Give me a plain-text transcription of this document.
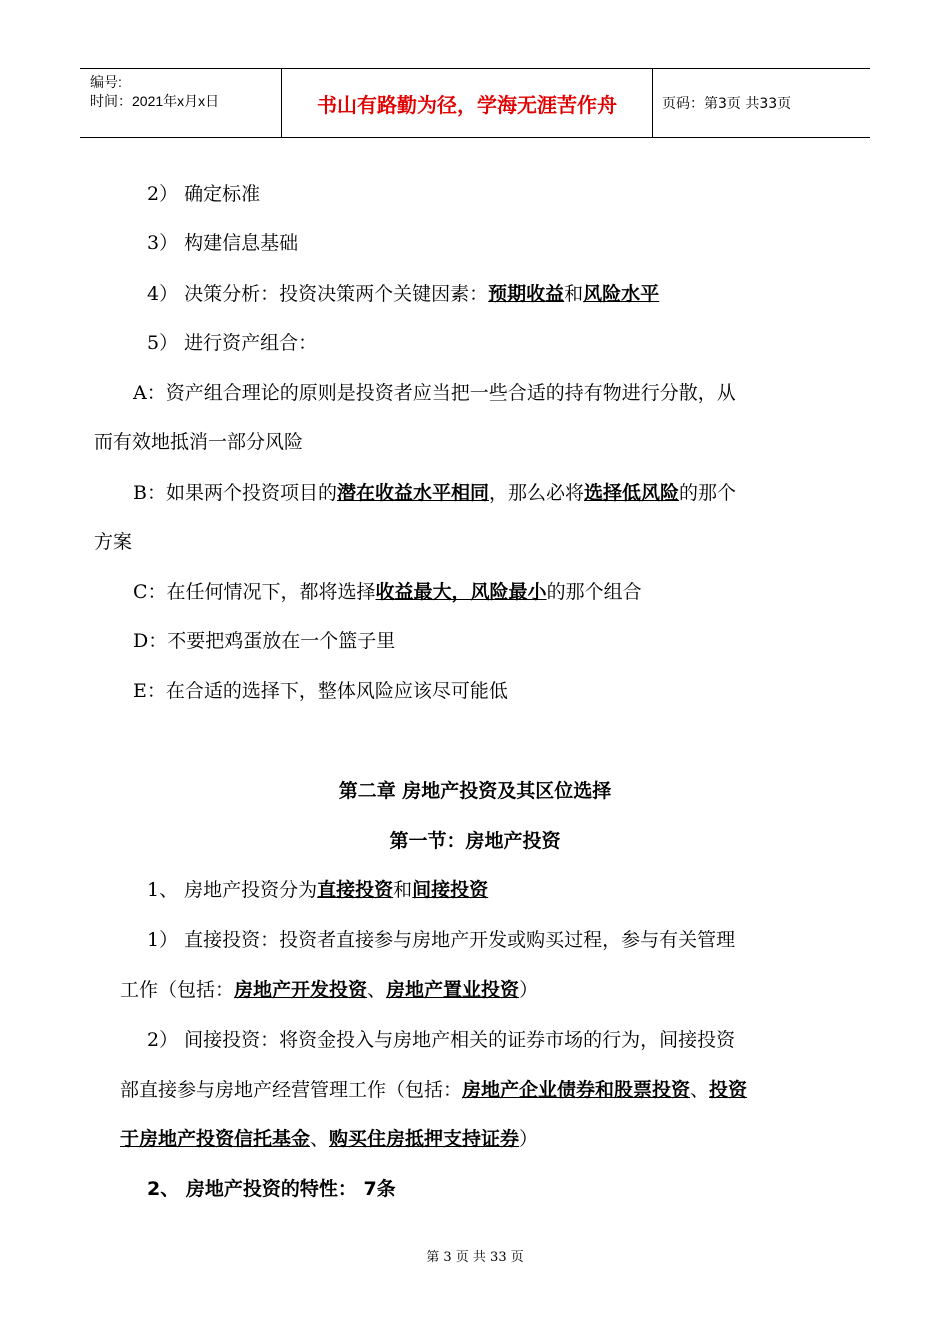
编号:
时间：2021年x月x日	书山有路勤为径，学海无涯苦作舟	页码：第3页 共33页
2） 确定标准
3） 构建信息基础
4） 决策分析：投资决策两个关键因素：预期收益和风险水平
5） 进行资产组合：
A：资产组合理论的原则是投资者应当把一些合适的持有物进行分散，从
而有效地抵消一部分风险
B：如果两个投资项目的潜在收益水平相同，那么必将选择低风险的那个
方案
C：在任何情况下，都将选择收益最大，风险最小的那个组合
D：不要把鸡蛋放在一个篮子里
E：在合适的选择下，整体风险应该尽可能低
第二章 房地产投资及其区位选择
第一节：房地产投资
1、 房地产投资分为直接投资和间接投资
1） 直接投资：投资者直接参与房地产开发或购买过程，参与有关管理
工作（包括：房地产开发投资、房地产置业投资）
2） 间接投资：将资金投入与房地产相关的证券市场的行为，间接投资
部直接参与房地产经营管理工作（包括：房地产企业债券和股票投资、投资
于房地产投资信托基金、购买住房抵押支持证券）
2、 房地产投资的特性： 7条
第 3 页 共 33 页
